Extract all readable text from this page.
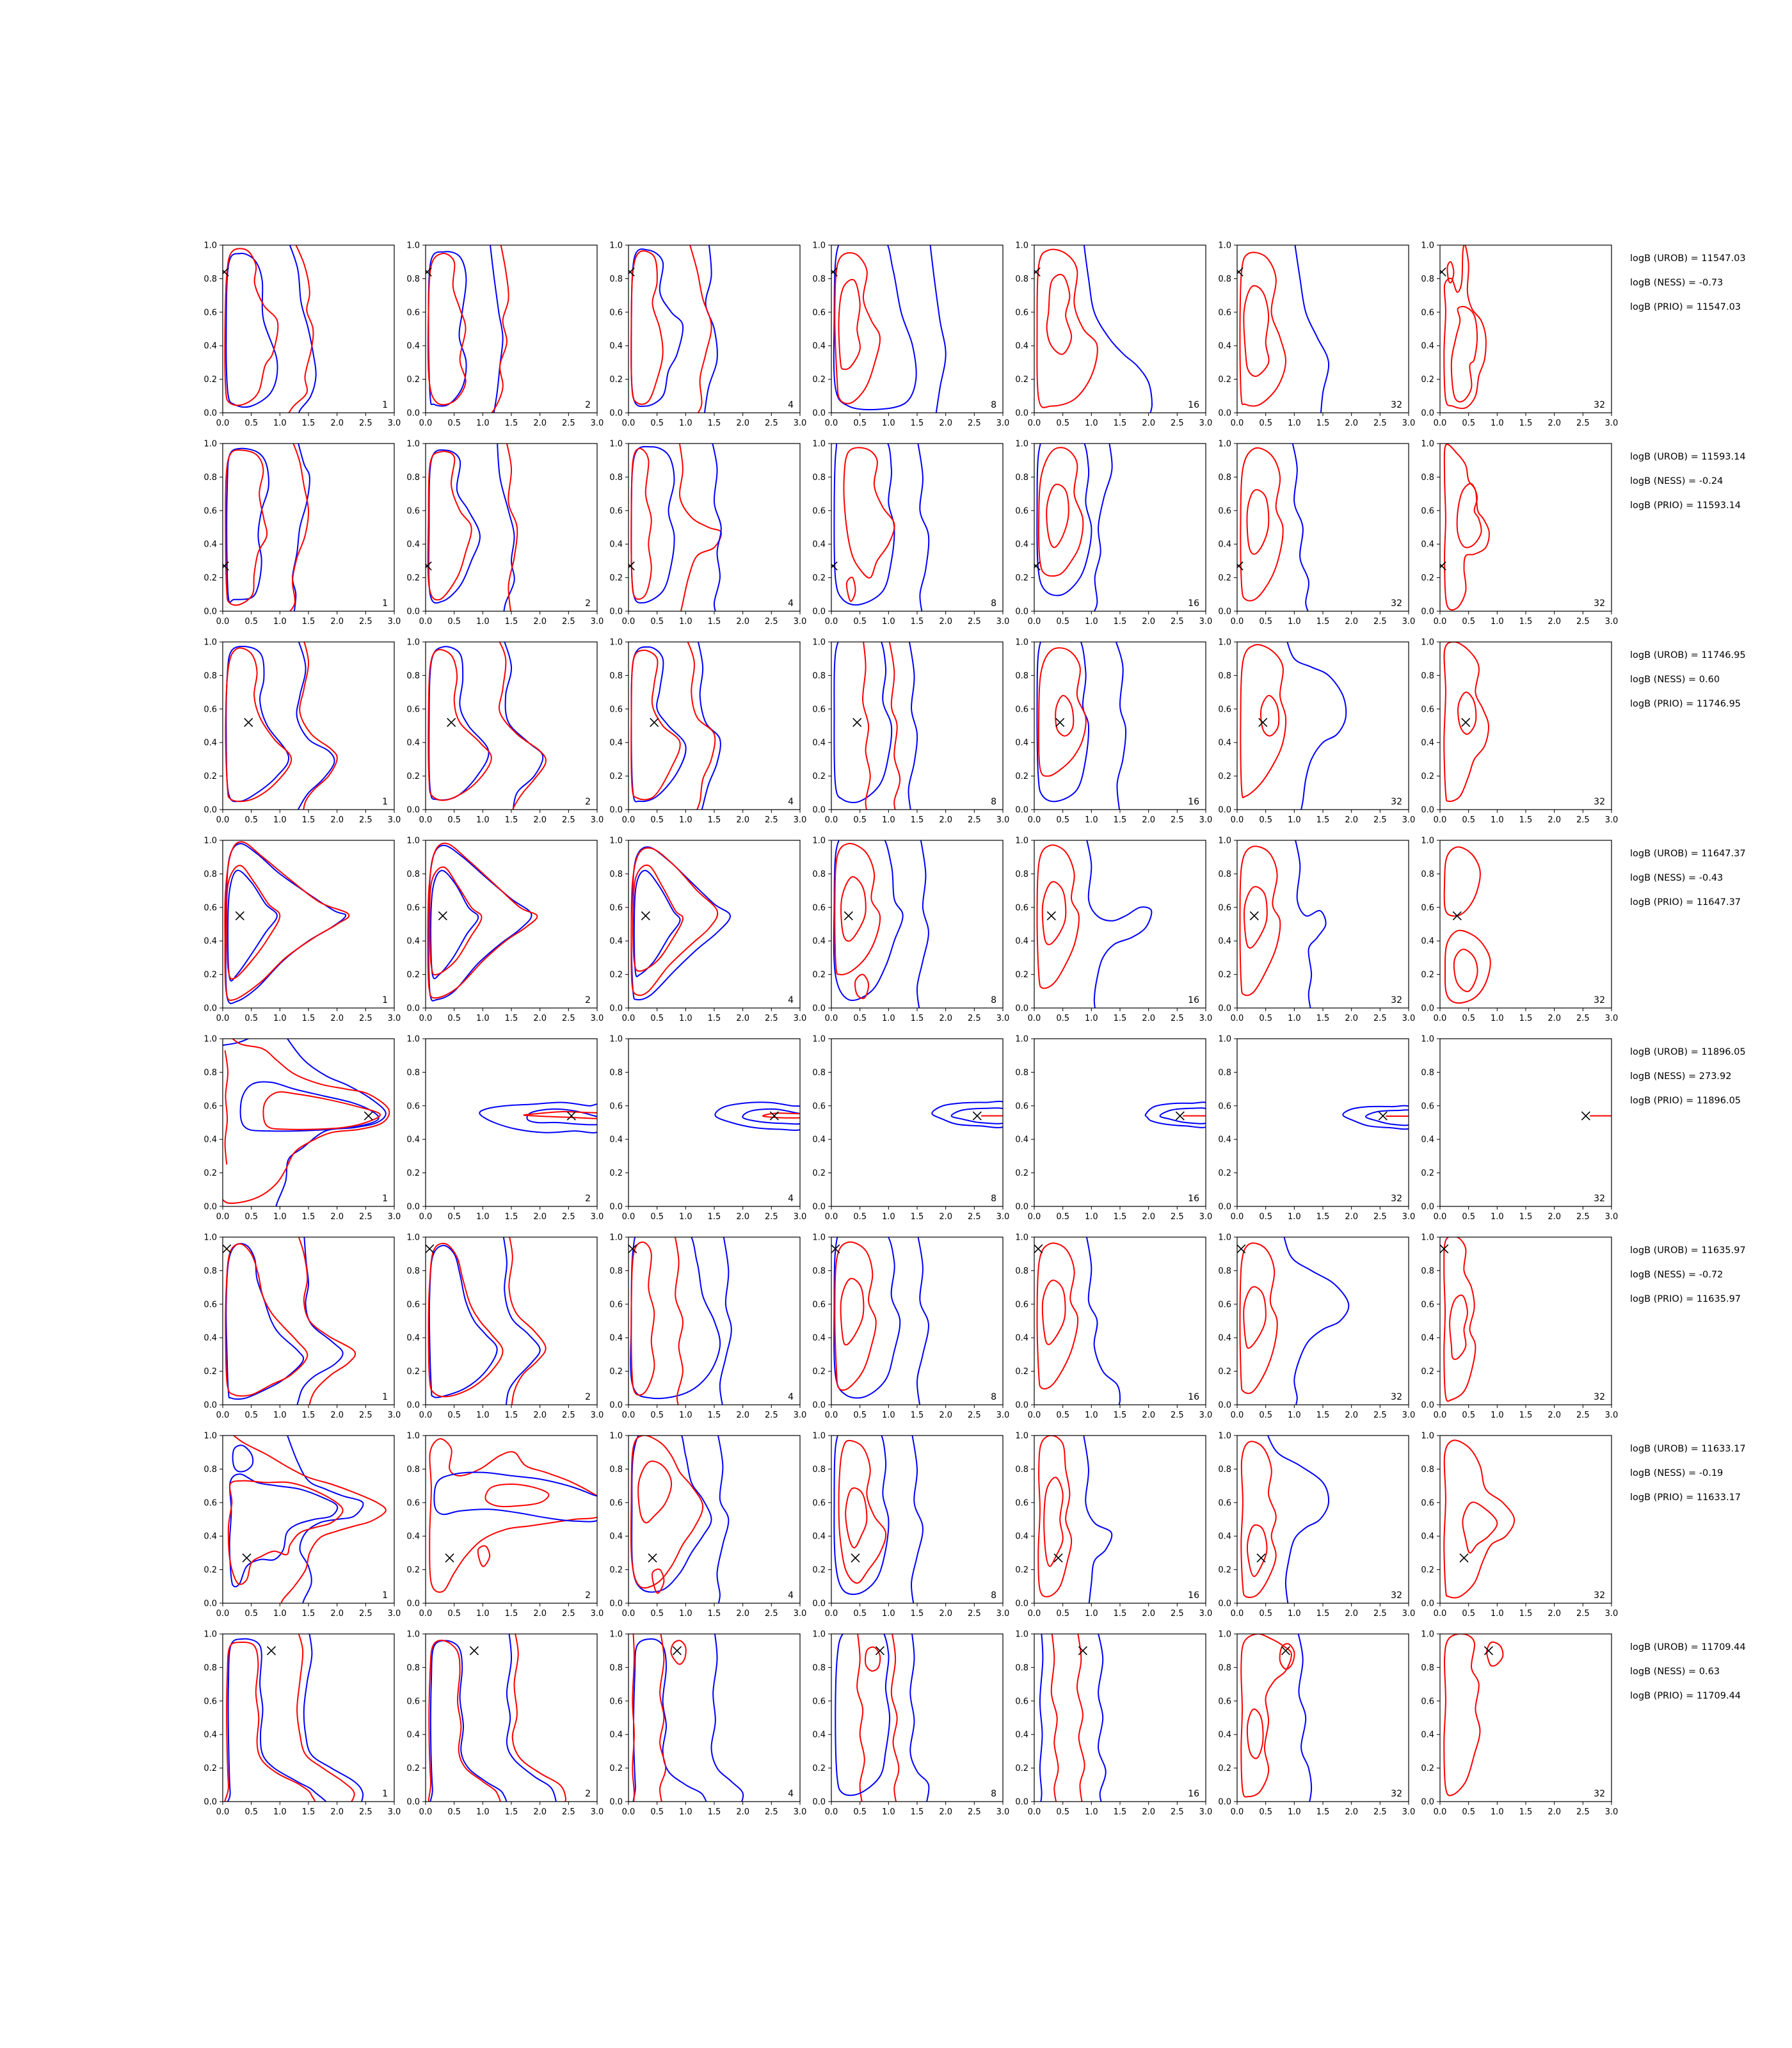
0.0 0.5 1.0 1.5 2.0 2.5 3.0
0.0
0.2
0.4
0.6
0.8
1.0
1
0.0 0.5 1.0 1.5 2.0 2.5 3.0
0.0
0.2
0.4
0.6
0.8
1.0
2
0.0 0.5 1.0 1.5 2.0 2.5 3.0
0.0
0.2
0.4
0.6
0.8
1.0
4
0.0 0.5 1.0 1.5 2.0 2.5 3.0
0.0
0.2
0.4
0.6
0.8
1.0
8
0.0 0.5 1.0 1.5 2.0 2.5 3.0
0.0
0.2
0.4
0.6
0.8
1.0
16
0.0 0.5 1.0 1.5 2.0 2.5 3.0
0.0
0.2
0.4
0.6
0.8
1.0
32
0.0 0.5 1.0 1.5 2.0 2.5 3.0
0.0
0.2
0.4
0.6
0.8
1.0
32
logB (UROB) = 11547.03
logB (NESS) = -0.73
logB (PRIO) = 11547.03
0.0 0.5 1.0 1.5 2.0 2.5 3.0
0.0
0.2
0.4
0.6
0.8
1.0
1
0.0 0.5 1.0 1.5 2.0 2.5 3.0
0.0
0.2
0.4
0.6
0.8
1.0
2
0.0 0.5 1.0 1.5 2.0 2.5 3.0
0.0
0.2
0.4
0.6
0.8
1.0
4
0.0 0.5 1.0 1.5 2.0 2.5 3.0
0.0
0.2
0.4
0.6
0.8
1.0
8
0.0 0.5 1.0 1.5 2.0 2.5 3.0
0.0
0.2
0.4
0.6
0.8
1.0
16
0.0 0.5 1.0 1.5 2.0 2.5 3.0
0.0
0.2
0.4
0.6
0.8
1.0
32
0.0 0.5 1.0 1.5 2.0 2.5 3.0
0.0
0.2
0.4
0.6
0.8
1.0
32
logB (UROB) = 11593.14
logB (NESS) = -0.24
logB (PRIO) = 11593.14
0.0 0.5 1.0 1.5 2.0 2.5 3.0
0.0
0.2
0.4
0.6
0.8
1.0
1
0.0 0.5 1.0 1.5 2.0 2.5 3.0
0.0
0.2
0.4
0.6
0.8
1.0
2
0.0 0.5 1.0 1.5 2.0 2.5 3.0
0.0
0.2
0.4
0.6
0.8
1.0
4
0.0 0.5 1.0 1.5 2.0 2.5 3.0
0.0
0.2
0.4
0.6
0.8
1.0
8
0.0 0.5 1.0 1.5 2.0 2.5 3.0
0.0
0.2
0.4
0.6
0.8
1.0
16
0.0 0.5 1.0 1.5 2.0 2.5 3.0
0.0
0.2
0.4
0.6
0.8
1.0
32
0.0 0.5 1.0 1.5 2.0 2.5 3.0
0.0
0.2
0.4
0.6
0.8
1.0
32
logB (UROB) = 11746.95
logB (NESS) = 0.60
logB (PRIO) = 11746.95
0.0 0.5 1.0 1.5 2.0 2.5 3.0
0.0
0.2
0.4
0.6
0.8
1.0
1
0.0 0.5 1.0 1.5 2.0 2.5 3.0
0.0
0.2
0.4
0.6
0.8
1.0
2
0.0 0.5 1.0 1.5 2.0 2.5 3.0
0.0
0.2
0.4
0.6
0.8
1.0
4
0.0 0.5 1.0 1.5 2.0 2.5 3.0
0.0
0.2
0.4
0.6
0.8
1.0
8
0.0 0.5 1.0 1.5 2.0 2.5 3.0
0.0
0.2
0.4
0.6
0.8
1.0
16
0.0 0.5 1.0 1.5 2.0 2.5 3.0
0.0
0.2
0.4
0.6
0.8
1.0
32
0.0 0.5 1.0 1.5 2.0 2.5 3.0
0.0
0.2
0.4
0.6
0.8
1.0
32
logB (UROB) = 11647.37
logB (NESS) = -0.43
logB (PRIO) = 11647.37
0.0 0.5 1.0 1.5 2.0 2.5 3.0
0.0
0.2
0.4
0.6
0.8
1.0
1
0.0 0.5 1.0 1.5 2.0 2.5 3.0
0.0
0.2
0.4
0.6
0.8
1.0
2
0.0 0.5 1.0 1.5 2.0 2.5 3.0
0.0
0.2
0.4
0.6
0.8
1.0
4
0.0 0.5 1.0 1.5 2.0 2.5 3.0
0.0
0.2
0.4
0.6
0.8
1.0
8
0.0 0.5 1.0 1.5 2.0 2.5 3.0
0.0
0.2
0.4
0.6
0.8
1.0
16
0.0 0.5 1.0 1.5 2.0 2.5 3.0
0.0
0.2
0.4
0.6
0.8
1.0
32
0.0 0.5 1.0 1.5 2.0 2.5 3.0
0.0
0.2
0.4
0.6
0.8
1.0
32
logB (UROB) = 11896.05
logB (NESS) = 273.92
logB (PRIO) = 11896.05
0.0 0.5 1.0 1.5 2.0 2.5 3.0
0.0
0.2
0.4
0.6
0.8
1.0
1
0.0 0.5 1.0 1.5 2.0 2.5 3.0
0.0
0.2
0.4
0.6
0.8
1.0
2
0.0 0.5 1.0 1.5 2.0 2.5 3.0
0.0
0.2
0.4
0.6
0.8
1.0
4
0.0 0.5 1.0 1.5 2.0 2.5 3.0
0.0
0.2
0.4
0.6
0.8
1.0
8
0.0 0.5 1.0 1.5 2.0 2.5 3.0
0.0
0.2
0.4
0.6
0.8
1.0
16
0.0 0.5 1.0 1.5 2.0 2.5 3.0
0.0
0.2
0.4
0.6
0.8
1.0
32
0.0 0.5 1.0 1.5 2.0 2.5 3.0
0.0
0.2
0.4
0.6
0.8
1.0
32
logB (UROB) = 11635.97
logB (NESS) = -0.72
logB (PRIO) = 11635.97
0.0 0.5 1.0 1.5 2.0 2.5 3.0
0.0
0.2
0.4
0.6
0.8
1.0
1
0.0 0.5 1.0 1.5 2.0 2.5 3.0
0.0
0.2
0.4
0.6
0.8
1.0
2
0.0 0.5 1.0 1.5 2.0 2.5 3.0
0.0
0.2
0.4
0.6
0.8
1.0
4
0.0 0.5 1.0 1.5 2.0 2.5 3.0
0.0
0.2
0.4
0.6
0.8
1.0
8
0.0 0.5 1.0 1.5 2.0 2.5 3.0
0.0
0.2
0.4
0.6
0.8
1.0
16
0.0 0.5 1.0 1.5 2.0 2.5 3.0
0.0
0.2
0.4
0.6
0.8
1.0
32
0.0 0.5 1.0 1.5 2.0 2.5 3.0
0.0
0.2
0.4
0.6
0.8
1.0
32
logB (UROB) = 11633.17
logB (NESS) = -0.19
logB (PRIO) = 11633.17
0.0 0.5 1.0 1.5 2.0 2.5 3.0
0.0
0.2
0.4
0.6
0.8
1.0
1
0.0 0.5 1.0 1.5 2.0 2.5 3.0
0.0
0.2
0.4
0.6
0.8
1.0
2
0.0 0.5 1.0 1.5 2.0 2.5 3.0
0.0
0.2
0.4
0.6
0.8
1.0
4
0.0 0.5 1.0 1.5 2.0 2.5 3.0
0.0
0.2
0.4
0.6
0.8
1.0
8
0.0 0.5 1.0 1.5 2.0 2.5 3.0
0.0
0.2
0.4
0.6
0.8
1.0
16
0.0 0.5 1.0 1.5 2.0 2.5 3.0
0.0
0.2
0.4
0.6
0.8
1.0
32
0.0 0.5 1.0 1.5 2.0 2.5 3.0
0.0
0.2
0.4
0.6
0.8
1.0
32
logB (UROB) = 11709.44
logB (NESS) = 0.63
logB (PRIO) = 11709.44
